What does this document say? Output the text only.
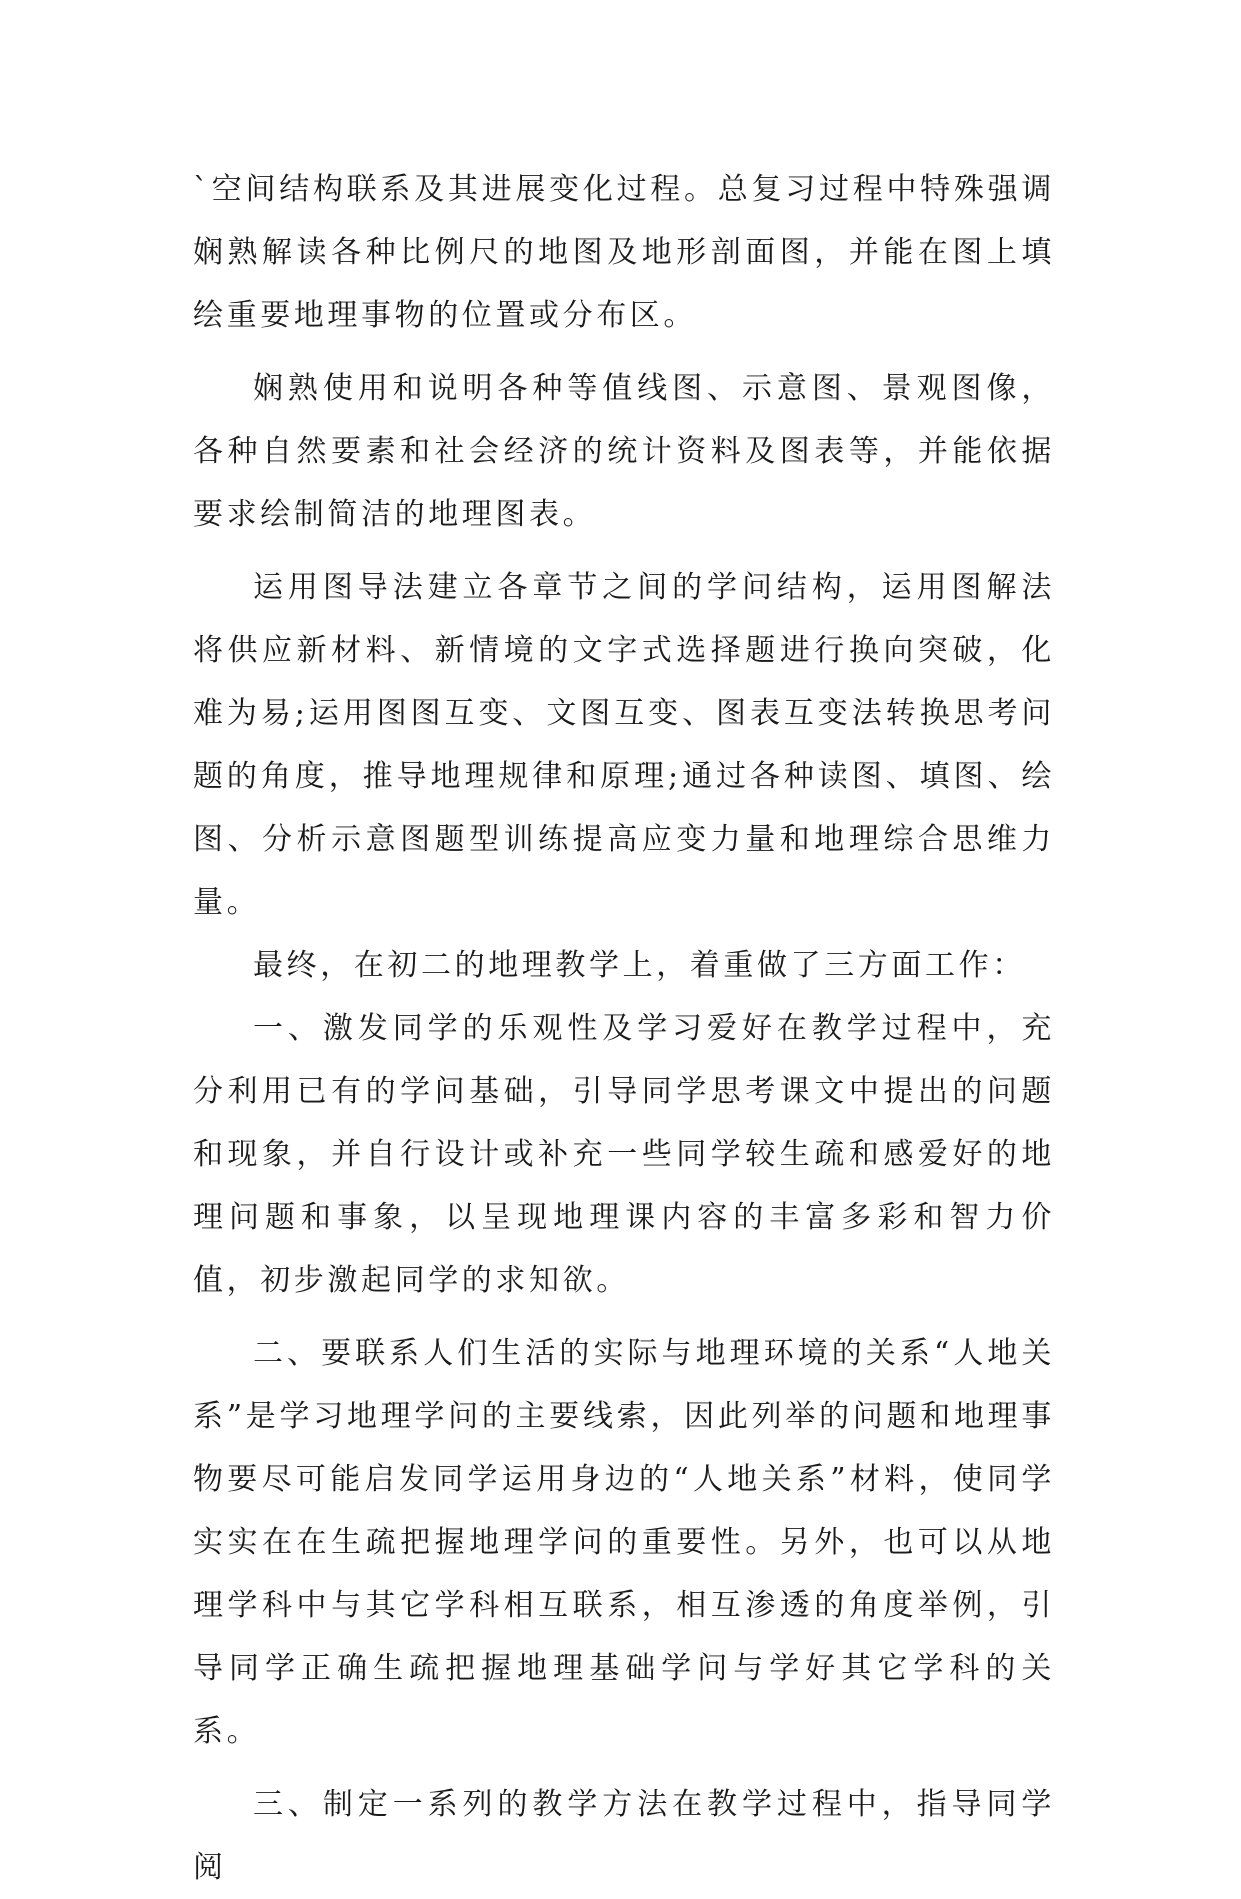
`空间结构联系及其进展变化过程。总复习过程中特殊强调娴熟解读各种比例尺的地图及地形剖面图，并能在图上填绘重要地理事物的位置或分布区。

娴熟使用和说明各种等值线图、示意图、景观图像，各种自然要素和社会经济的统计资料及图表等，并能依据要求绘制简洁的地理图表。

运用图导法建立各章节之间的学问结构，运用图解法将供应新材料、新情境的文字式选择题进行换向突破，化难为易;运用图图互变、文图互变、图表互变法转换思考问题的角度，推导地理规律和原理;通过各种读图、填图、绘图、分析示意图题型训练提高应变力量和地理综合思维力量。

最终，在初二的地理教学上，着重做了三方面工作：

一、激发同学的乐观性及学习爱好在教学过程中，充分利用已有的学问基础，引导同学思考课文中提出的问题和现象，并自行设计或补充一些同学较生疏和感爱好的地理问题和事象，以呈现地理课内容的丰富多彩和智力价值，初步激起同学的求知欲。

二、要联系人们生活的实际与地理环境的关系“人地关系”是学习地理学问的主要线索，因此列举的问题和地理事物要尽可能启发同学运用身边的“人地关系”材料，使同学实实在在生疏把握地理学问的重要性。另外，也可以从地理学科中与其它学科相互联系，相互渗透的角度举例，引导同学正确生疏把握地理基础学问与学好其它学科的关系。

三、制定一系列的教学方法在教学过程中，指导同学阅
